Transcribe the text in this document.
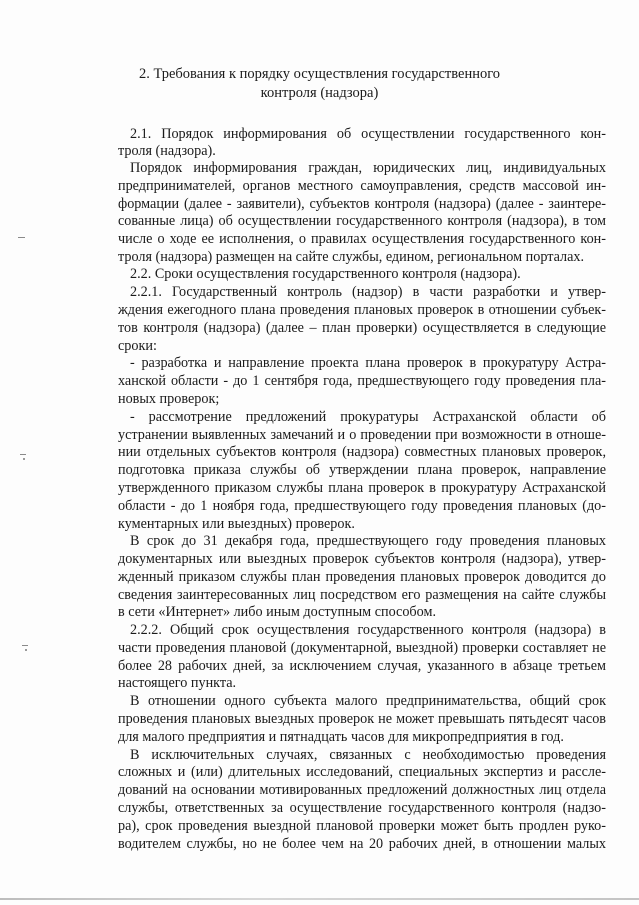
2. Требования к порядку осуществления государственного
контроля (надзора)
2.1. Порядок информирования об осуществлении государственного кон-
троля (надзора).
Порядок информирования граждан, юридических лиц, индивидуальных
предпринимателей, органов местного самоуправления, средств массовой ин-
формации (далее - заявители), субъектов контроля (надзора) (далее - заинтере-
сованные лица) об осуществлении государственного контроля (надзора), в том
числе о ходе ее исполнения, о правилах осуществления государственного кон-
троля (надзора) размещен на сайте службы, едином, региональном порталах.
2.2. Сроки осуществления государственного контроля (надзора).
2.2.1. Государственный контроль (надзор) в части разработки и утвер-
ждения ежегодного плана проведения плановых проверок в отношении субъек-
тов контроля (надзора) (далее – план проверки) осуществляется в следующие
сроки:
- разработка и направление проекта плана проверок в прокуратуру Астра-
ханской области - до 1 сентября года, предшествующего году проведения пла-
новых проверок;
- рассмотрение предложений прокуратуры Астраханской области об
устранении выявленных замечаний и о проведении при возможности в отноше-
нии отдельных субъектов контроля (надзора) совместных плановых проверок,
подготовка приказа службы об утверждении плана проверок, направление
утвержденного приказом службы плана проверок в прокуратуру Астраханской
области - до 1 ноября года, предшествующего году проведения плановых (до-
кументарных или выездных) проверок.
В срок до 31 декабря года, предшествующего году проведения плановых
документарных или выездных проверок субъектов контроля (надзора), утвер-
жденный приказом службы план проведения плановых проверок доводится до
сведения заинтересованных лиц посредством его размещения на сайте службы
в сети «Интернет» либо иным доступным способом.
2.2.2. Общий срок осуществления государственного контроля (надзора) в
части проведения плановой (документарной, выездной) проверки составляет не
более 28 рабочих дней, за исключением случая, указанного в абзаце третьем
настоящего пункта.
В отношении одного субъекта малого предпринимательства, общий срок
проведения плановых выездных проверок не может превышать пятьдесят часов
для малого предприятия и пятнадцать часов для микропредприятия в год.
В исключительных случаях, связанных с необходимостью проведения
сложных и (или) длительных исследований, специальных экспертиз и рассле-
дований на основании мотивированных предложений должностных лиц отдела
службы, ответственных за осуществление государственного контроля (надзо-
ра), срок проведения выездной плановой проверки может быть продлен руко-
водителем службы, но не более чем на 20 рабочих дней, в отношении малых
